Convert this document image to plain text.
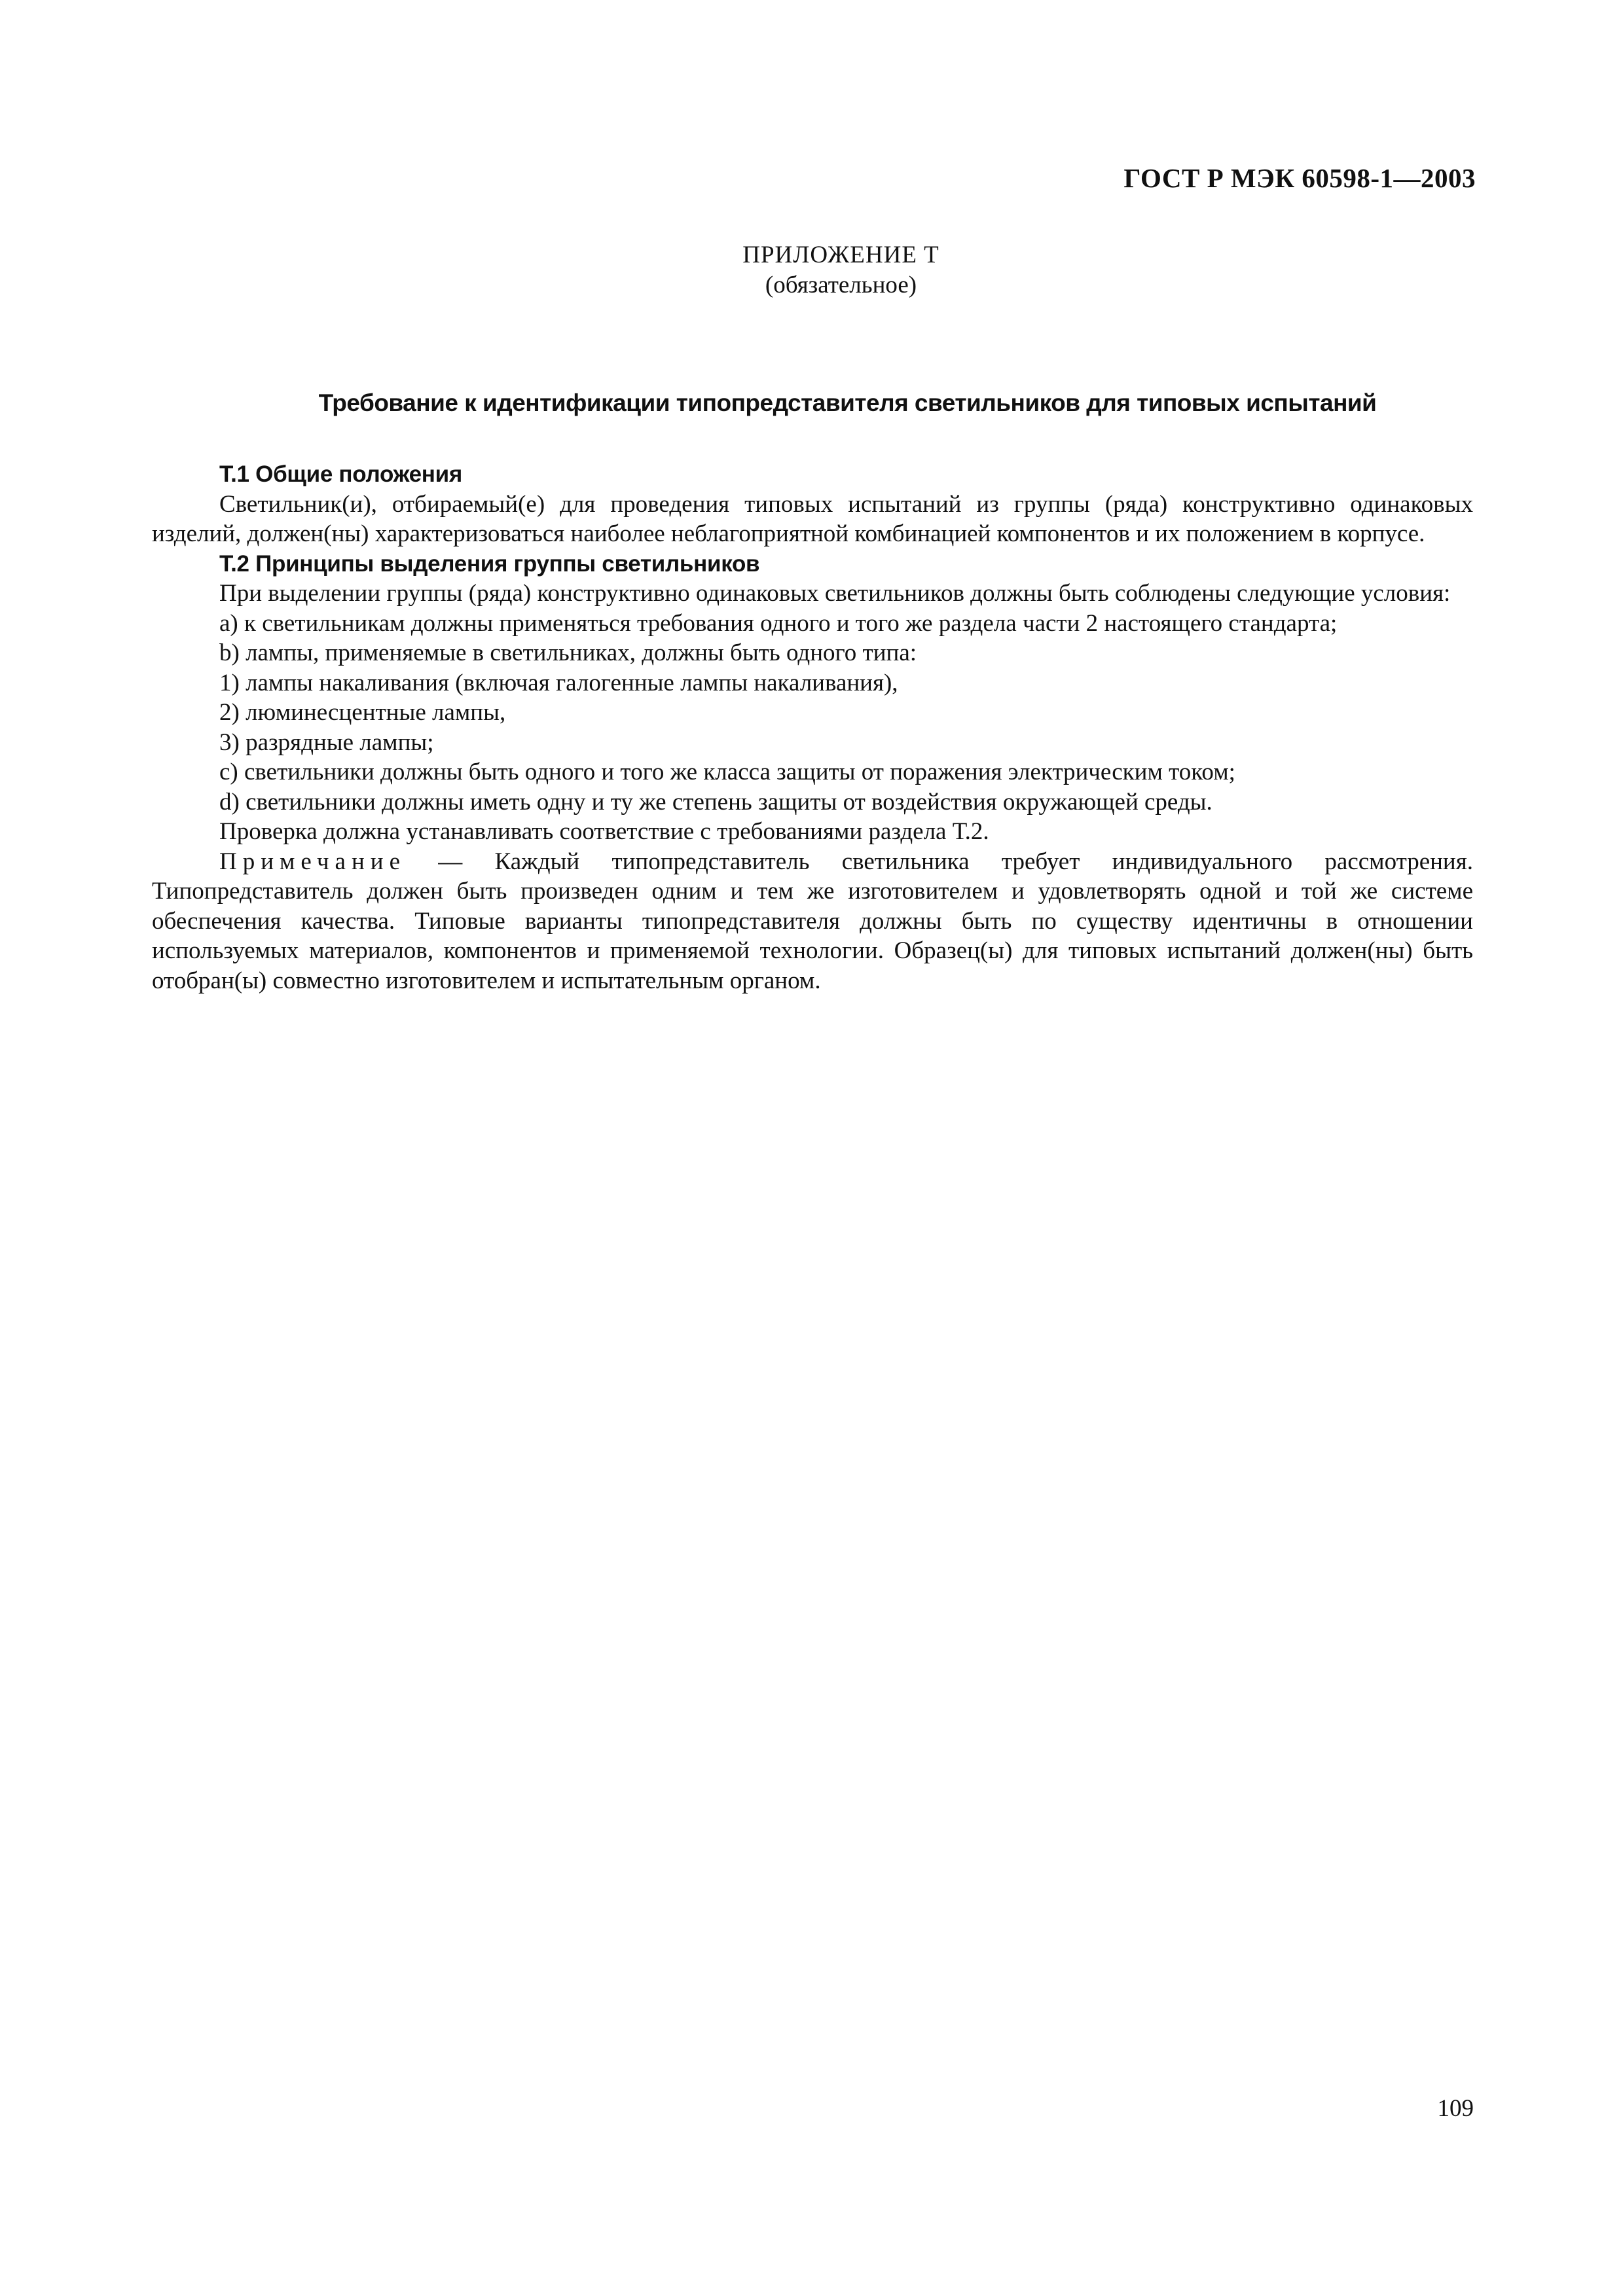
ГОСТ Р МЭК 60598-1—2003
ПРИЛОЖЕНИЕ Т
(обязательное)
Требование к идентификации типопредставителя светильников для типовых испытаний

Т.1 Общие положения

Светильник(и), отбираемый(е) для проведения типовых испытаний из группы (ряда) конструктивно одинаковых изделий, должен(ны) характеризоваться наиболее неблагоприятной комбинацией компонентов и их положением в корпусе.

Т.2 Принципы выделения группы светильников

При выделении группы (ряда) конструктивно одинаковых светильников должны быть соблюдены следующие условия:

a) к светильникам должны применяться требования одного и того же раздела части 2 настоящего стандарта;

b) лампы, применяемые в светильниках, должны быть одного типа:

1) лампы накаливания (включая галогенные лампы накаливания),

2) люминесцентные лампы,

3) разрядные лампы;

c) светильники должны быть одного и того же класса защиты от поражения электрическим током;

d) светильники должны иметь одну и ту же степень защиты от воздействия окружающей среды.

Проверка должна устанавливать соответствие с требованиями раздела Т.2.

Примечание — Каждый типопредставитель светильника требует индивидуального рассмотрения. Типопредставитель должен быть произведен одним и тем же изготовителем и удовлетворять одной и той же системе обеспечения качества. Типовые варианты типопредставителя должны быть по существу идентичны в отношении используемых материалов, компонентов и применяемой технологии. Образец(ы) для типовых испытаний должен(ны) быть отобран(ы) совместно изготовителем и испытательным органом.

109
